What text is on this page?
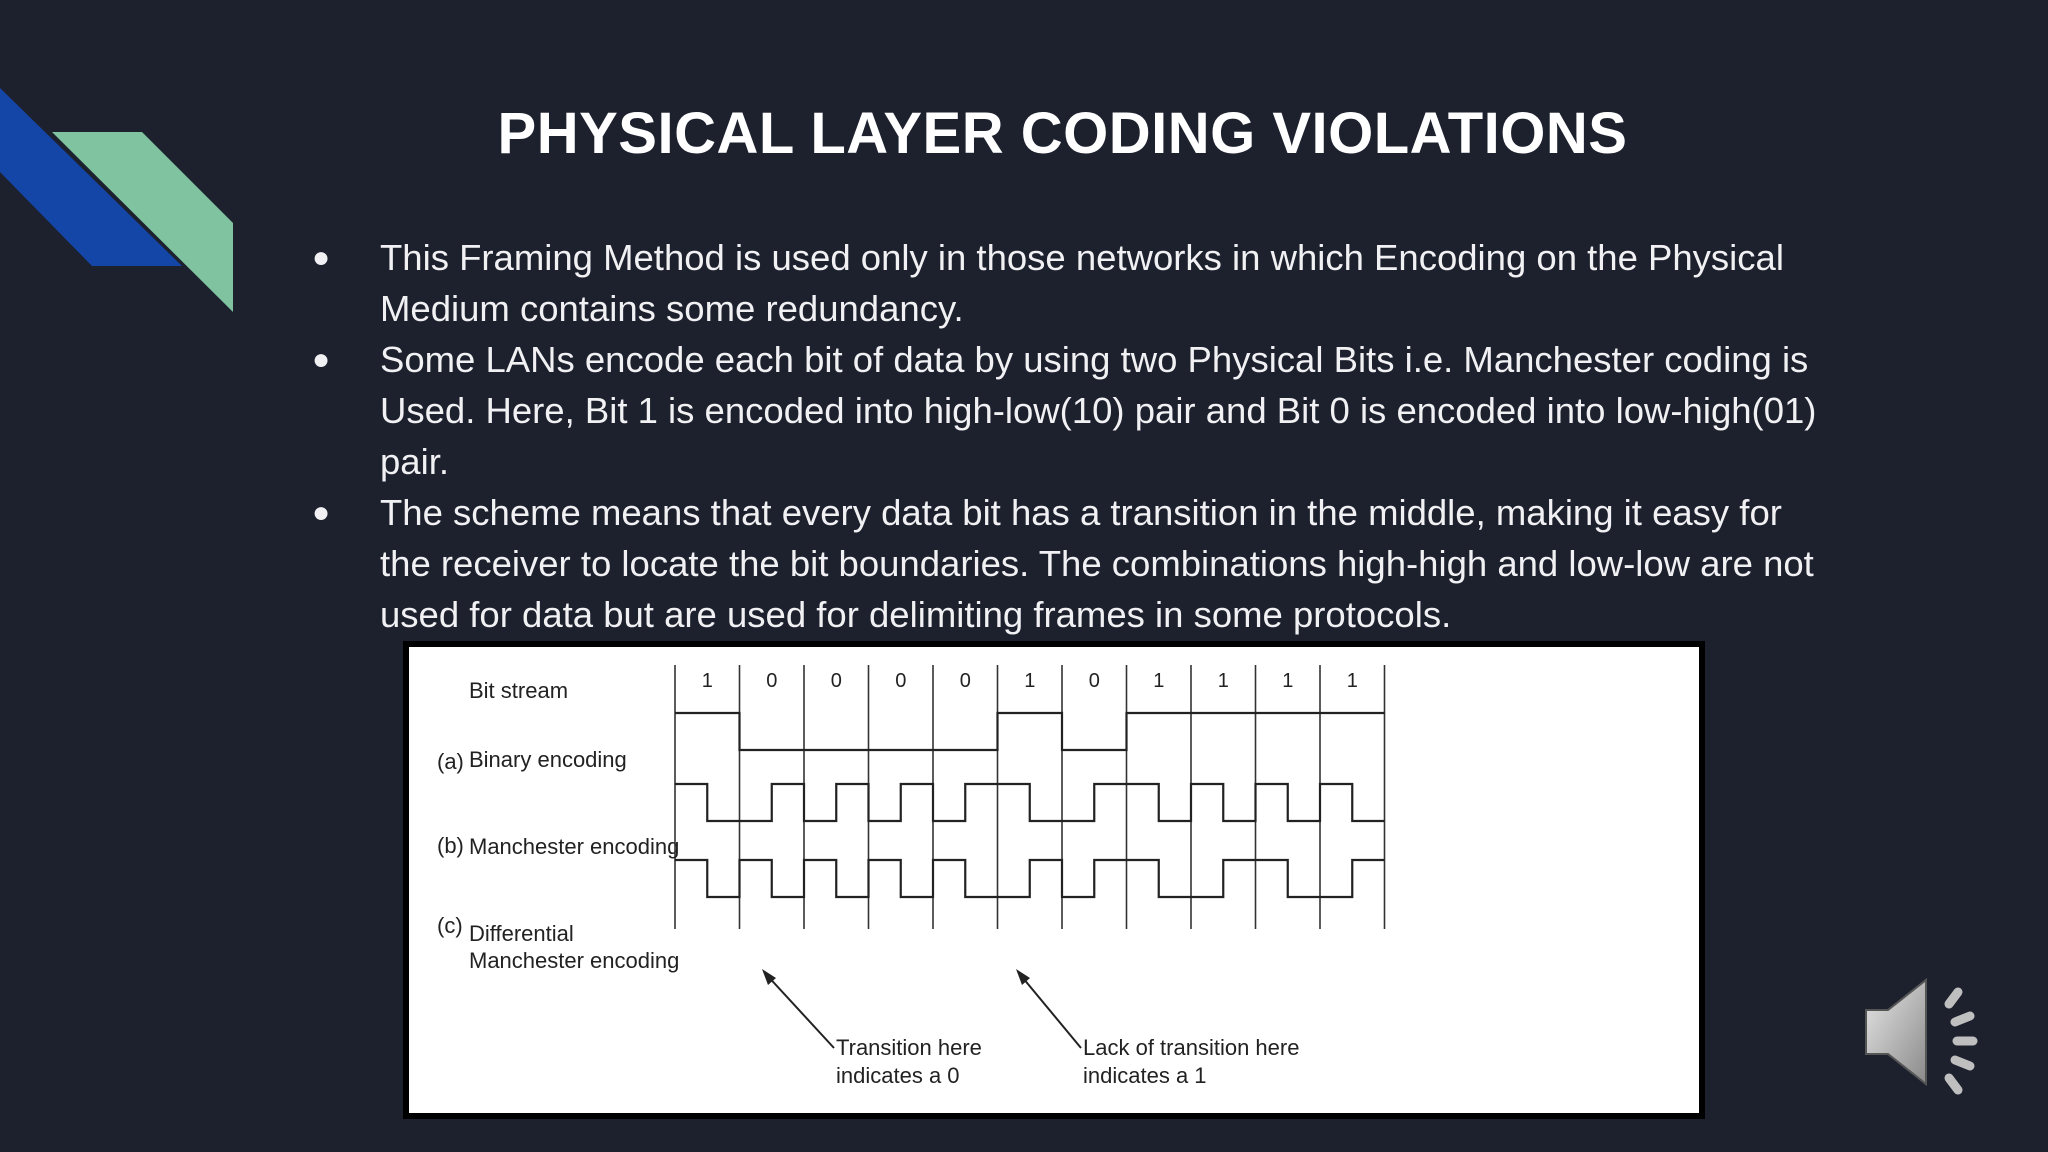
PHYSICAL LAYER CODING VIOLATIONS
● This Framing Method is used only in those networks in which Encoding on the Physical Medium contains some redundancy.
● Some LANs encode each bit of data by using two Physical Bits i.e. Manchester coding is Used. Here, Bit 1 is encoded into high-low(10) pair and Bit 0 is encoded into low-high(01) pair.
● The scheme means that every data bit has a transition in the middle, making it easy for the receiver to locate the bit boundaries. The combinations high-high and low-low are not used for data but are used for delimiting frames in some protocols.
1	0	0	0	0	1	0	1	1	1	1
Bit stream
(a) Binary encoding
(b) Manchester encoding
(c) Differential
Manchester encoding
Transition here
indicates a 0
Lack of transition here
indicates a 1
